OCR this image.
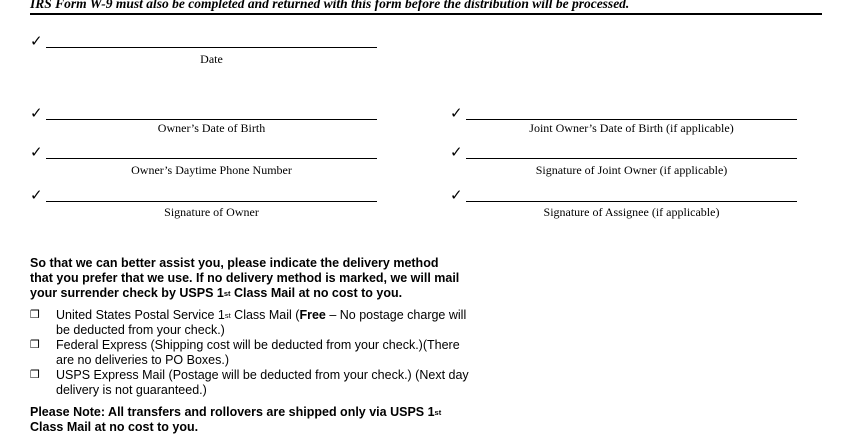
IRS Form W-9 must also be completed and returned with this form before the distribution will be processed.
✓
Date
✓
Owner’s Date of Birth
✓
Joint Owner’s Date of Birth (if applicable)
✓
Owner’s Daytime Phone Number
✓
Signature of Joint Owner (if applicable)
✓
Signature of Owner
✓
Signature of Assignee (if applicable)
So that we can better assist you, please indicate the delivery method that you prefer that we use. If no delivery method is marked, we will mail your surrender check by USPS 1st Class Mail at no cost to you.
❒ United States Postal Service 1st Class Mail (Free – No postage charge will be deducted from your check.)
❒ Federal Express (Shipping cost will be deducted from your check.)(There are no deliveries to PO Boxes.)
❒ USPS Express Mail (Postage will be deducted from your check.) (Next day delivery is not guaranteed.)
Please Note: All transfers and rollovers are shipped only via USPS 1st Class Mail at no cost to you.
